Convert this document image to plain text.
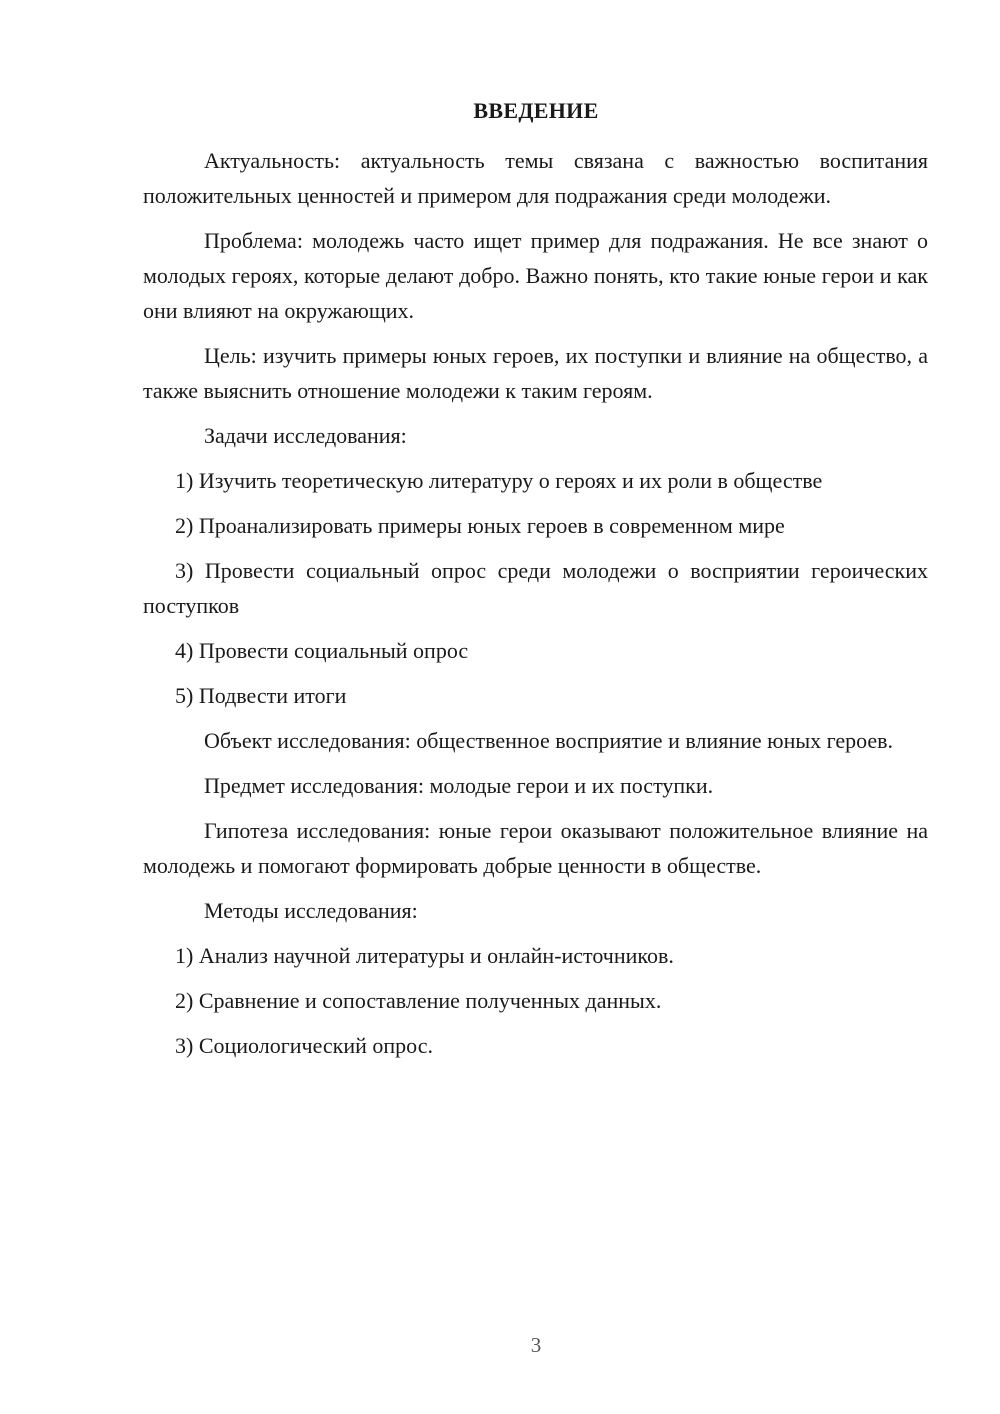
ВВЕДЕНИЕ

Актуальность: актуальность темы связана с важностью воспитания положительных ценностей и примером для подражания среди молодежи.

Проблема: молодежь часто ищет пример для подражания. Не все знают о молодых героях, которые делают добро. Важно понять, кто такие юные герои и как они влияют на окружающих.

Цель: изучить примеры юных героев, их поступки и влияние на общество, а также выяснить отношение молодежи к таким героям.

Задачи исследования:

1) Изучить теоретическую литературу о героях и их роли в обществе

2) Проанализировать примеры юных героев в современном мире

3) Провести социальный опрос среди молодежи о восприятии героических поступков

4) Провести социальный опрос

5) Подвести итоги

Объект исследования: общественное восприятие и влияние юных героев.

Предмет исследования: молодые герои и их поступки.

Гипотеза исследования: юные герои оказывают положительное влияние на молодежь и помогают формировать добрые ценности в обществе.

Методы исследования:

1) Анализ научной литературы и онлайн-источников.

2) Сравнение и сопоставление полученных данных.

3) Социологический опрос.

3
